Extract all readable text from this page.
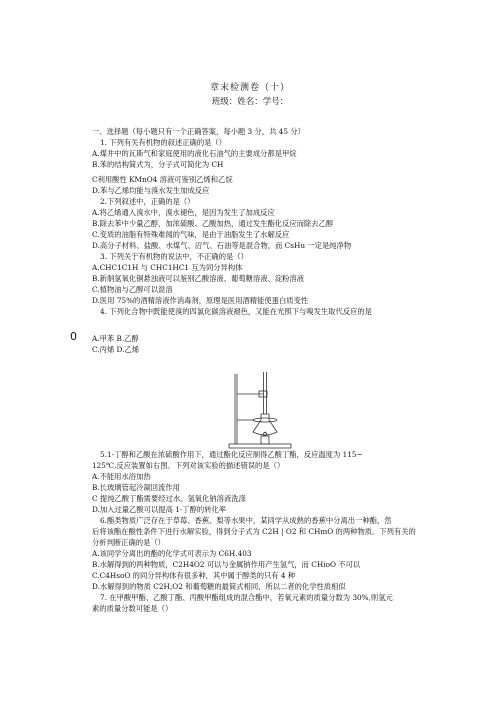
章末检测卷（十）
班级：姓名：学号：
一、选择题（每小题只有一个正确答案，每小题 3 分，共 45 分）
1. 下列有关有机物的叙述正确的是（）
A.煤井中的瓦斯气和家庭使用的液化石油气的主要成分都是甲烷
B.苯的结构简式为，分子式可简化为 CH
C利用酸性 KMnO4 溶液可鉴别乙烯和乙烷
D.苯与乙烯均能与溴水发生加成反应
2.下列叙述中，正确的是（）
A.将乙烯通入溴水中，溴水褪色，是因为发生了加成反应
B.除去苯中少量乙醇，加浓硫酸、乙酸加热，通过发生酯化反应而除去乙醇
C.变质的油脂有特殊难闻的气味，是由于油脂发生了水解反应
D.高分子材料、盐酸、水煤气、沼气、石油等是混合物，而 CsHu 一定是纯净物
3. 下列关于有机物的说法中，不正确的是（）
A.CHC1C1H 与 CHC1HC1 互为同分异构体
B.新制氢氧化铜悬浊液可以鉴别乙酸溶液、葡萄糖溶液、淀粉溶液
C.植物油与乙醇可以混溶
D.医用 75%的酒精溶液作消毒剂，原理是医用酒精能使蛋白质变性
4. 下列化合物中既能使溴的四氯化碳溶液褪色，又能在光照下与嗅发生取代反应的是
0 A.甲苯 B.乙醇
C.丙烯 D.乙烯
5.1-丁醇和乙酸在浓硫酸作用下，通过酯化反应制得乙酸丁酯，反应温度为 115~
125℃,反应装置如右图。下列对该实验的描述错误的是（）
A.不能用水浴加热
B.长玻璃管起冷凝回流作用
C 提纯乙酸丁酯需要经过水、氢氧化钠溶液洗涤
D.加入过量乙酸可以提高 1-丁醇的转化率
6.酯类物质广泛存在于草莓、香蕉、梨等水果中，某同学从成熟的香蕉中分离出一种酯，然
后将该酯在酸性条件下进行水解实验，得到分子式为 C2H | O2 和 CHmO 的两种物质。下列有关的
分析判断正确的是（）
A.该同学分离出的酯的化学式可表示为 C6H.403
B.水解得到的两种物质，C2H4O2 可以与金属钠作用产生氢气，而 CHioO 不可以
C.C4HsoO 的同分异构体有很多种，其中属于醇类的只有 4 种
D.水解得到的物质 C2H,O2 和葡萄糖的最简式相同，所以二者的化学性质相似
7. 在甲酸甲酯、乙酸丁酯、丙酸甲酯组成的混合酯中，若氧元素的质量分数为 30%,则氢元
素的质量分数可能是（）
